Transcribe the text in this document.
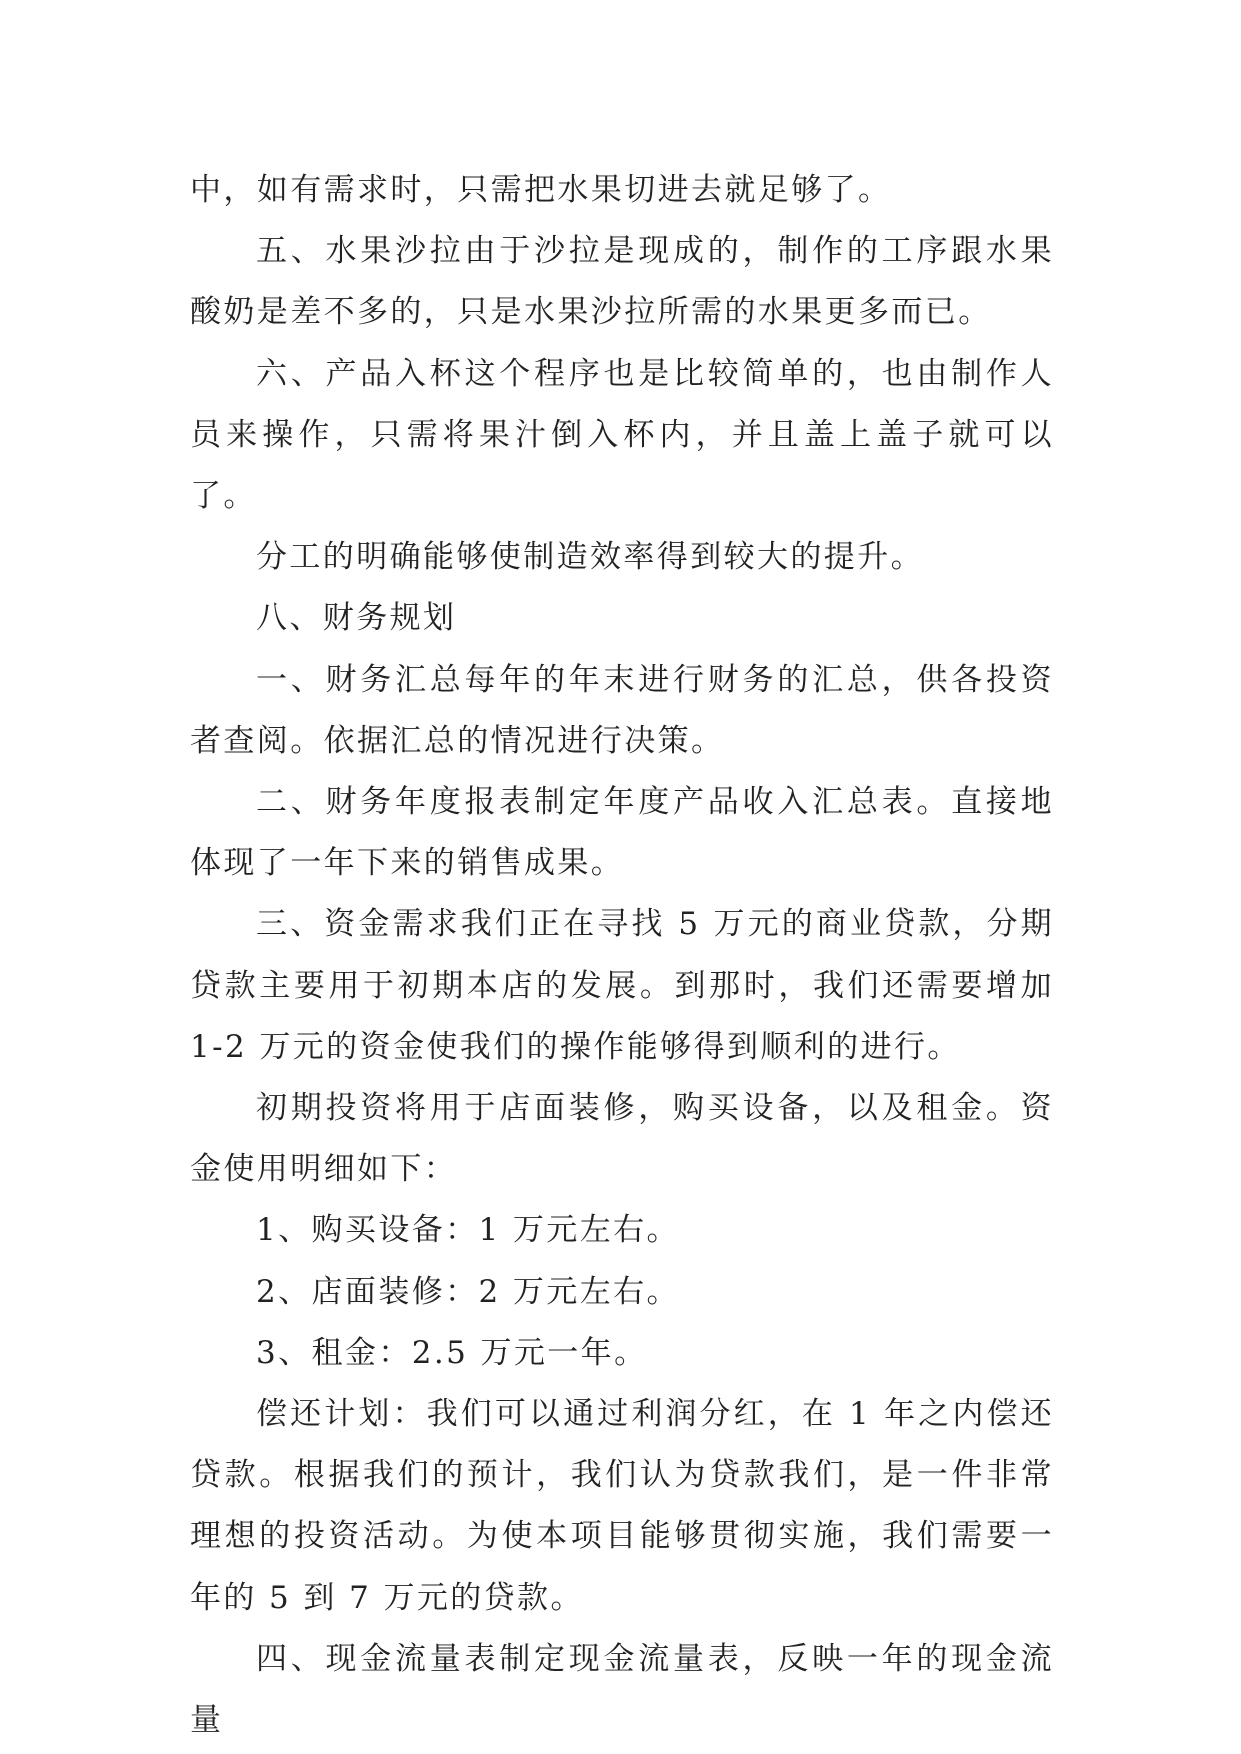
中，如有需求时，只需把水果切进去就足够了。

五、水果沙拉由于沙拉是现成的，制作的工序跟水果酸奶是差不多的，只是水果沙拉所需的水果更多而已。

六、产品入杯这个程序也是比较简单的，也由制作人员来操作，只需将果汁倒入杯内，并且盖上盖子就可以了。

分工的明确能够使制造效率得到较大的提升。

八、财务规划

一、财务汇总每年的年末进行财务的汇总，供各投资者查阅。依据汇总的情况进行决策。

二、财务年度报表制定年度产品收入汇总表。直接地体现了一年下来的销售成果。

三、资金需求我们正在寻找 5 万元的商业贷款，分期贷款主要用于初期本店的发展。到那时，我们还需要增加 1-2 万元的资金使我们的操作能够得到顺利的进行。

初期投资将用于店面装修，购买设备，以及租金。资金使用明细如下：

1、购买设备：1 万元左右。

2、店面装修：2 万元左右。

3、租金：2.5 万元一年。

偿还计划：我们可以通过利润分红，在 1 年之内偿还贷款。根据我们的预计，我们认为贷款我们，是一件非常理想的投资活动。为使本项目能够贯彻实施，我们需要一年的 5 到 7 万元的贷款。

四、现金流量表制定现金流量表，反映一年的现金流量
